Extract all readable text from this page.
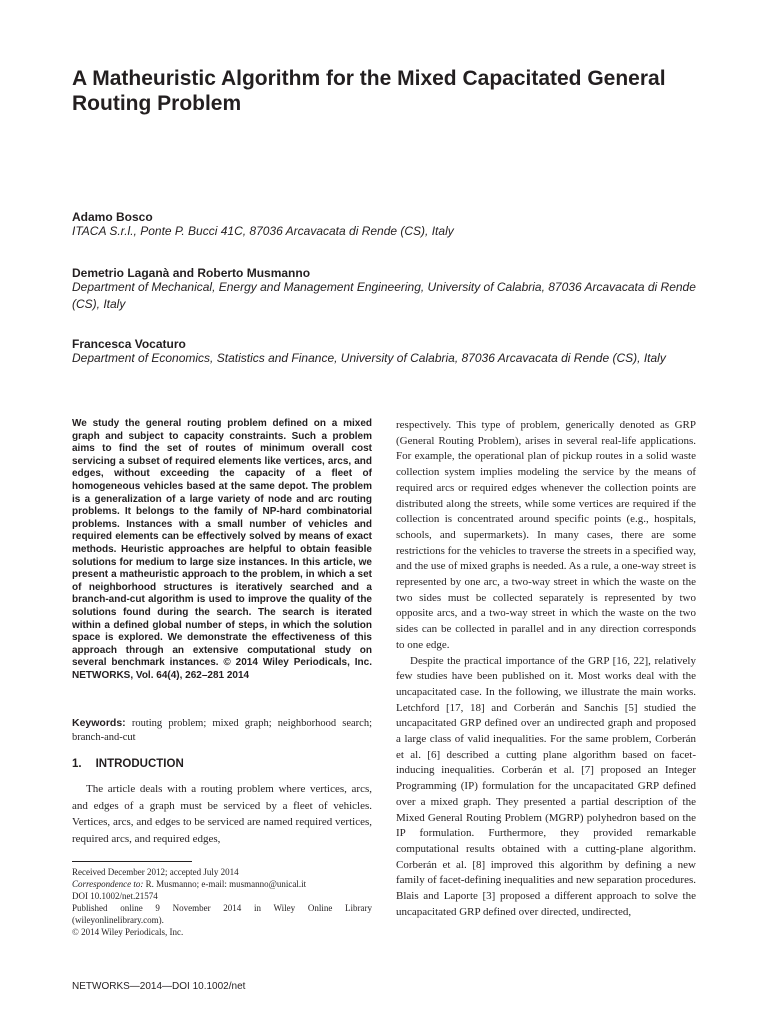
A Matheuristic Algorithm for the Mixed Capacitated General Routing Problem
Adamo Bosco
ITACA S.r.l., Ponte P. Bucci 41C, 87036 Arcavacata di Rende (CS), Italy
Demetrio Laganà and Roberto Musmanno
Department of Mechanical, Energy and Management Engineering, University of Calabria, 87036 Arcavacata di Rende (CS), Italy
Francesca Vocaturo
Department of Economics, Statistics and Finance, University of Calabria, 87036 Arcavacata di Rende (CS), Italy

We study the general routing problem defined on a mixed graph and subject to capacity constraints. Such a problem aims to find the set of routes of minimum overall cost servicing a subset of required elements like vertices, arcs, and edges, without exceeding the capacity of a fleet of homogeneous vehicles based at the same depot. The problem is a generalization of a large variety of node and arc routing problems. It belongs to the family of NP-hard combinatorial problems. Instances with a small number of vehicles and required elements can be effectively solved by means of exact methods. Heuristic approaches are helpful to obtain feasible solutions for medium to large size instances. In this article, we present a matheuristic approach to the problem, in which a set of neighborhood structures is iteratively searched and a branch-and-cut algorithm is used to improve the quality of the solutions found during the search. The search is iterated within a defined global number of steps, in which the solution space is explored. We demonstrate the effectiveness of this approach through an extensive computational study on several benchmark instances. © 2014 Wiley Periodicals, Inc. NETWORKS, Vol. 64(4), 262–281 2014

Keywords: routing problem; mixed graph; neighborhood search; branch-and-cut

1. INTRODUCTION

The article deals with a routing problem where vertices, arcs, and edges of a graph must be serviced by a fleet of vehicles. Vertices, arcs, and edges to be serviced are named required vertices, required arcs, and required edges,

Received December 2012; accepted July 2014
Correspondence to: R. Musmanno; e-mail: musmanno@unical.it
DOI 10.1002/net.21574
Published online 9 November 2014 in Wiley Online Library
(wileyonlinelibrary.com).
© 2014 Wiley Periodicals, Inc.

respectively. This type of problem, generically denoted as GRP (General Routing Problem), arises in several real-life applications. For example, the operational plan of pickup routes in a solid waste collection system implies modeling the service by the means of required arcs or required edges whenever the collection points are distributed along the streets, while some vertices are required if the collection is concentrated around specific points (e.g., hospitals, schools, and supermarkets). In many cases, there are some restrictions for the vehicles to traverse the streets in a specified way, and the use of mixed graphs is needed. As a rule, a one-way street is represented by one arc, a two-way street in which the waste on the two sides must be collected separately is represented by two opposite arcs, and a two-way street in which the waste on the two sides can be collected in parallel and in any direction corresponds to one edge.

Despite the practical importance of the GRP [16, 22], relatively few studies have been published on it. Most works deal with the uncapacitated case. In the following, we illustrate the main works. Letchford [17, 18] and Corberán and Sanchis [5] studied the uncapacitated GRP defined over an undirected graph and proposed a large class of valid inequalities. For the same problem, Corberán et al. [6] described a cutting plane algorithm based on facet-inducing inequalities. Corberán et al. [7] proposed an Integer Programming (IP) formulation for the uncapacitated GRP defined over a mixed graph. They presented a partial description of the Mixed General Routing Problem (MGRP) polyhedron based on the IP formulation. Furthermore, they provided remarkable computational results obtained with a cutting-plane algorithm. Corberán et al. [8] improved this algorithm by defining a new family of facet-defining inequalities and new separation procedures. Blais and Laporte [3] proposed a different approach to solve the uncapacitated GRP defined over directed, undirected,

NETWORKS—2014—DOI 10.1002/net
